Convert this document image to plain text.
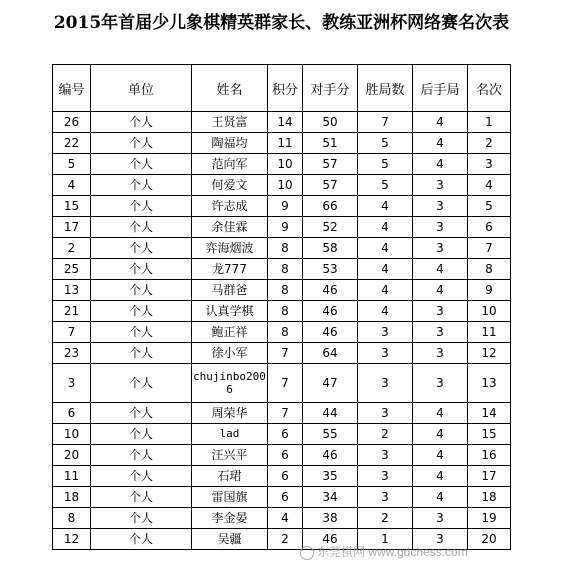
2015年首届少儿象棋精英群家长、教练亚洲杯网络赛名次表
编号	单位	姓名	积分	对手分	胜局数	后手局	名次
26	个人	王贤富	14	50	7	4	1
22	个人	陶福均	11	51	5	4	2
5	个人	范向军	10	57	5	4	3
4	个人	何爱文	10	57	5	3	4
15	个人	许志成	9	66	4	3	5
17	个人	余佳霖	9	52	4	3	6
2	个人	弈海烟波	8	58	4	3	7
25	个人	龙777	8	53	4	4	8
13	个人	马群爸	8	46	4	4	9
21	个人	认真学棋	8	46	4	3	10
7	个人	鲍正祥	8	46	3	3	11
23	个人	徐小军	7	64	3	3	12
3	个人	chujinbo2006	7	47	3	3	13
6	个人	周荣华	7	44	3	4	14
10	个人	lad	6	55	2	4	15
20	个人	汪兴平	6	46	3	4	16
11	个人	石珺	6	35	3	4	17
18	个人	雷国旗	6	34	3	4	18
8	个人	李金晏	4	38	2	3	19
12	个人	吴疆	2	46	1	3	20
东莞棋网 www.gdchess.com
